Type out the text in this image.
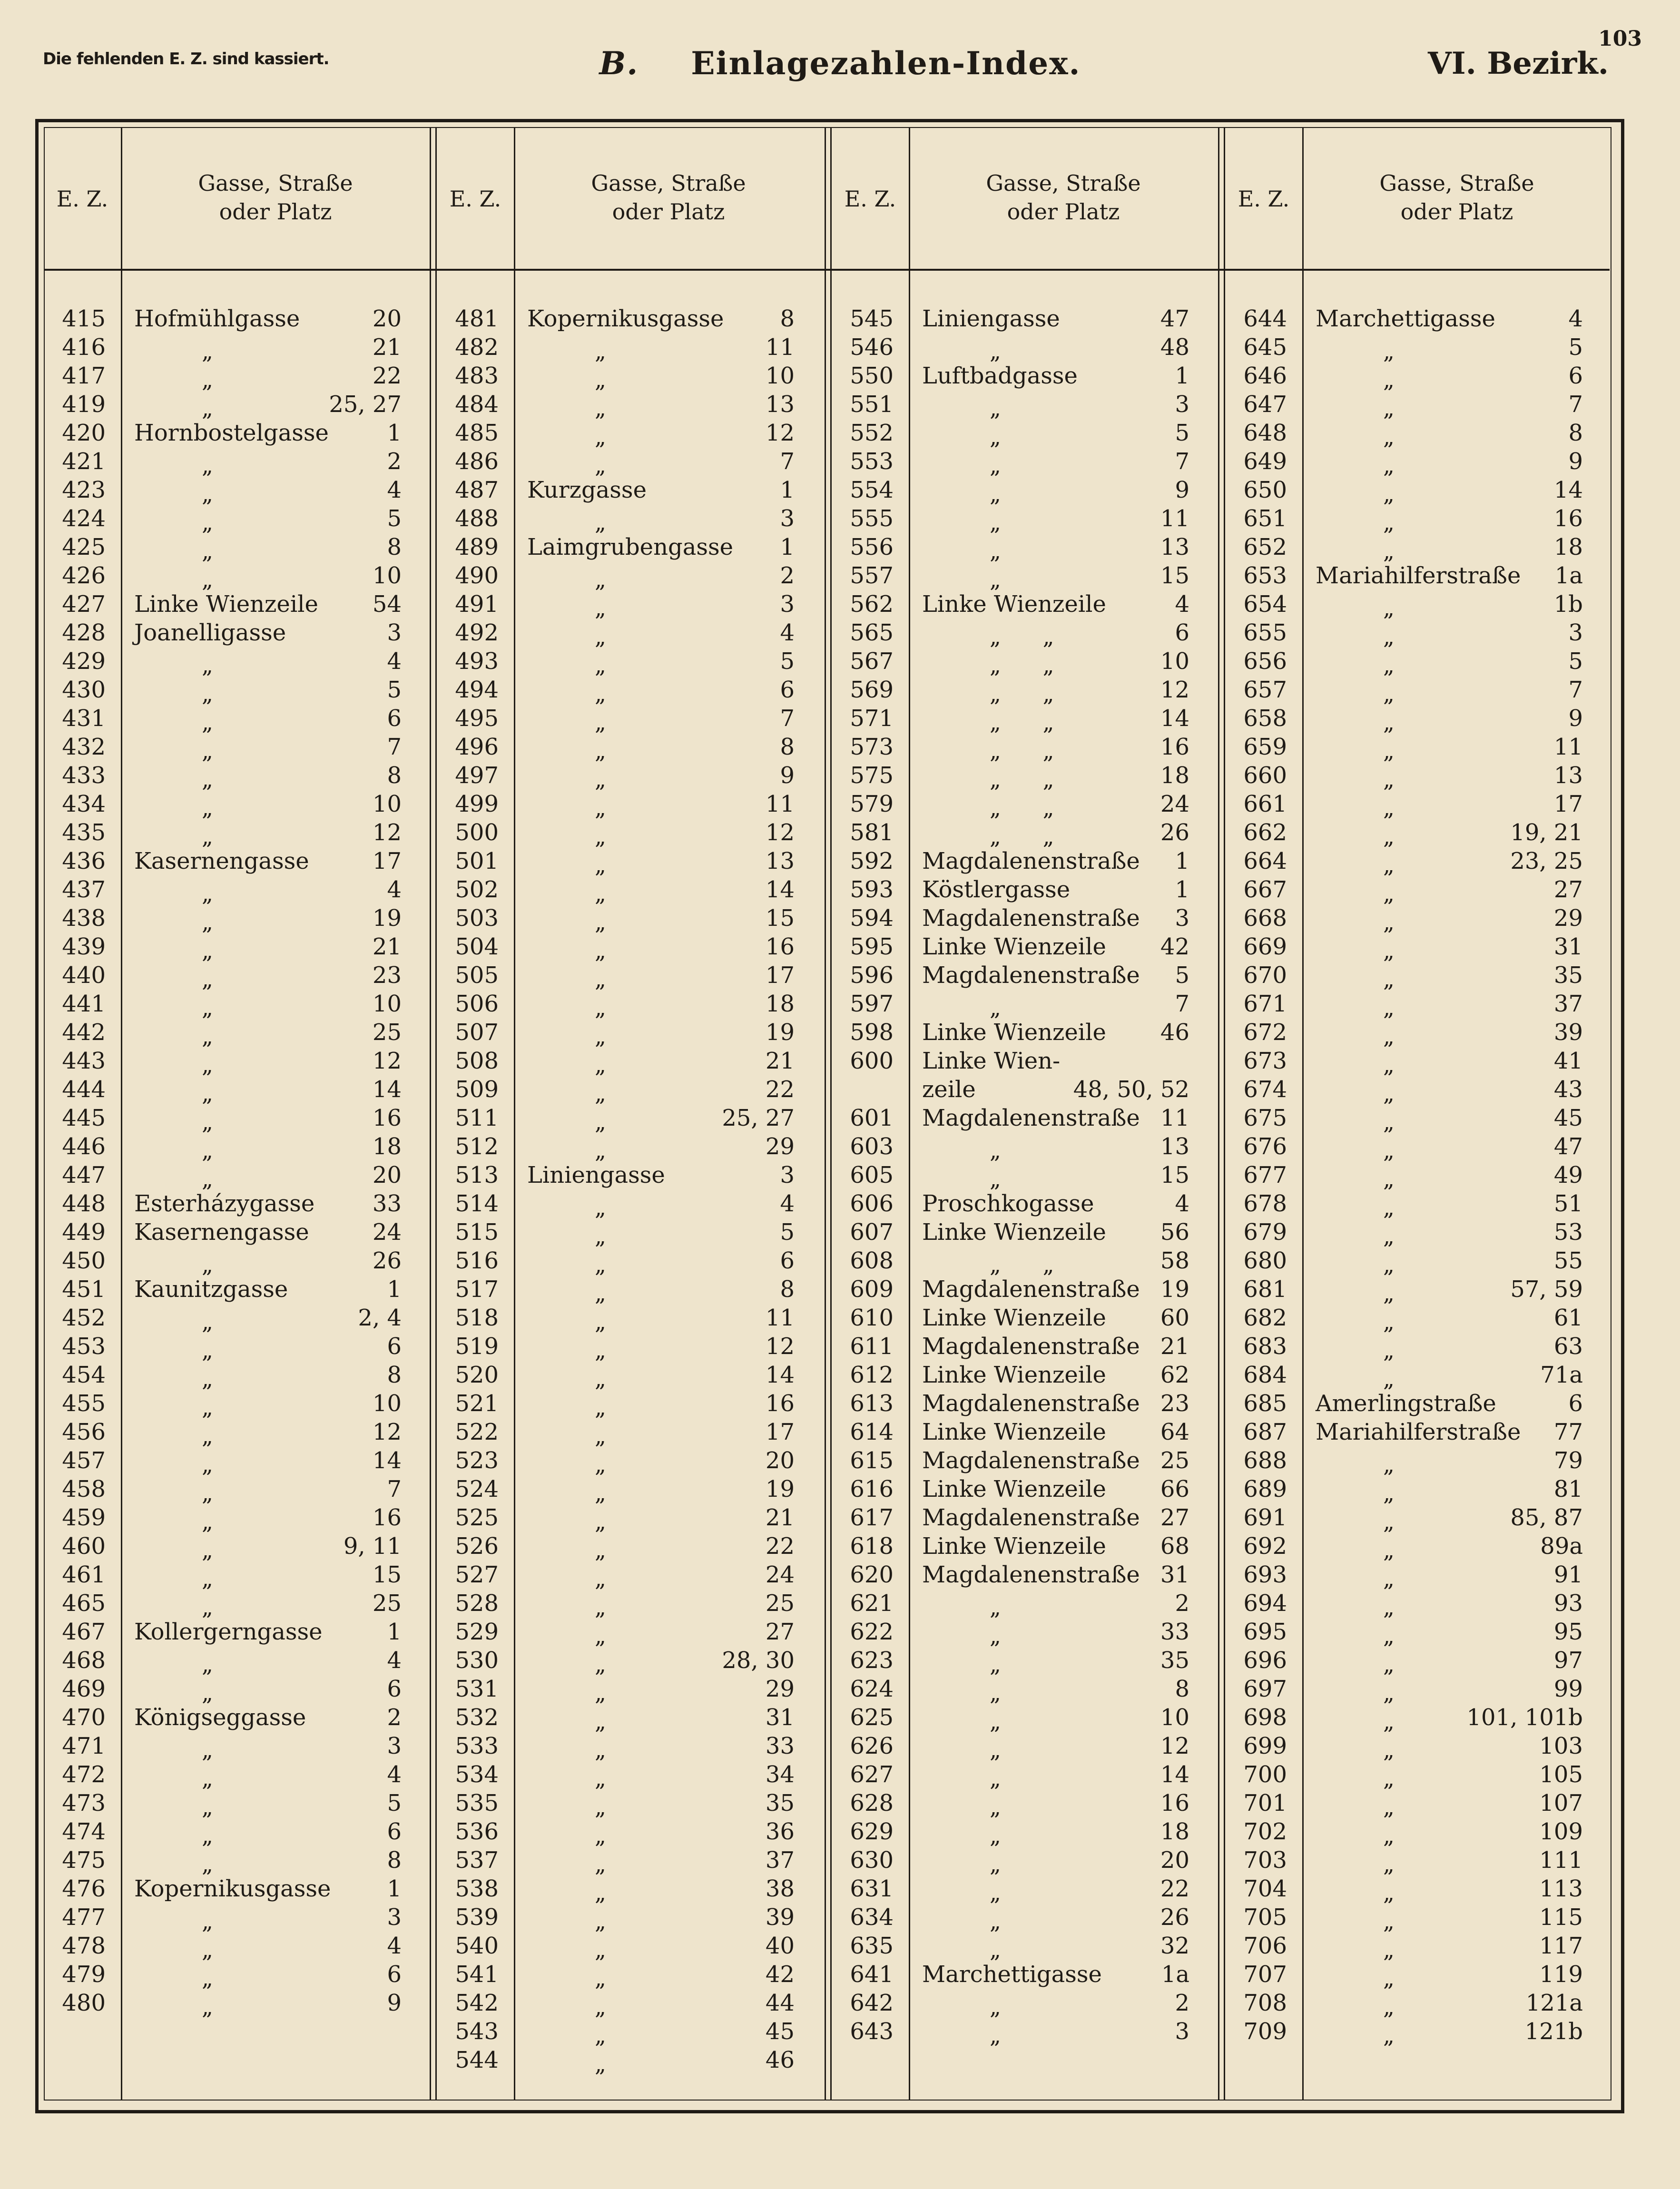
Die fehlenden E. Z. sind kassiert.
103
B. Einlagezahlen-Index.	VI. Bezirk.
E. Z.
Gasse, Straße
oder Platz
415 Hofmühlgasse	20
416	„	21
417	„	22
419	„	25, 27
420 Hornbostelgasse	1
421	„	2
423	„	4
424	„	5
425	„	8
426	„	10
427 Linke Wienzeile	54
428 Joanelligasse	3
429	„	4
430	„	5
431	„	6
432	„	7
433	„	8
434	„	10
435	„	12
436 Kasernengasse	17
437	„	4
438	„	19
439	„	21
440	„	23
441	„	10
442	„	25
443	„	12
444	„	14
445	„	16
446	„	18
447	„	20
448 Esterházygasse	33
449 Kasernengasse	24
450	„	26
451 Kaunitzgasse	1
452	„	2, 4
453	„	6
454	„	8
455	„	10
456	„	12
457	„	14
458	„	7
459	„	16
460	„	9, 11
461	„	15
465	„	25
467 Kollergerngasse	1
468	„	4
469	„	6
470 Königseggasse	2
471	„	3
472	„	4
473	„	5
474	„	6
475	„	8
476 Kopernikusgasse	1
477	„	3
478	„	4
479	„	6
480	„	9
E. Z.
Gasse, Straße
oder Platz
481 Kopernikusgasse	8
482	„	11
483	„	10
484	„	13
485	„	12
486	„	7
487 Kurzgasse	1
488	„	3
489 Laimgrubengasse	1
490	„	2
491	„	3
492	„	4
493	„	5
494	„	6
495	„	7
496	„	8
497	„	9
499	„	11
500	„	12
501	„	13
502	„	14
503	„	15
504	„	16
505	„	17
506	„	18
507	„	19
508	„	21
509	„	22
511	„	25, 27
512	„	29
513 Liniengasse	3
514	„	4
515	„	5
516	„	6
517	„	8
518	„	11
519	„	12
520	„	14
521	„	16
522	„	17
523	„	20
524	„	19
525	„	21
526	„	22
527	„	24
528	„	25
529	„	27
530	„	28, 30
531	„	29
532	„	31
533	„	33
534	„	34
535	„	35
536	„	36
537	„	37
538	„	38
539	„	39
540	„	40
541	„	42
542	„	44
543	„	45
544	„	46
E. Z.
Gasse, Straße
oder Platz
545 Liniengasse	47
546	„	48
550 Luftbadgasse	1
551	„	3
552	„	5
553	„	7
554	„	9
555	„	11
556	„	13
557	„	15
562 Linke Wienzeile	4
565	„      „	6
567	„      „	10
569	„      „	12
571	„      „	14
573	„      „	16
575	„      „	18
579	„      „	24
581	„      „	26
592 Magdalenenstraße	1
593 Köstlergasse	1
594 Magdalenenstraße	3
595 Linke Wienzeile	42
596 Magdalenenstraße	5
597	„	7
598 Linke Wienzeile	46
600 Linke Wien-
zeile	48, 50, 52
601 Magdalenenstraße 11
603	„	13
605	„	15
606 Proschkogasse	4
607 Linke Wienzeile	56
608	„      „	58
609 Magdalenenstraße 19
610 Linke Wienzeile	60
611 Magdalenenstraße 21
612 Linke Wienzeile	62
613 Magdalenenstraße 23
614 Linke Wienzeile	64
615 Magdalenenstraße 25
616 Linke Wienzeile	66
617 Magdalenenstraße 27
618 Linke Wienzeile	68
620 Magdalenenstraße 31
621	„	2
622	„	33
623	„	35
624	„	8
625	„	10
626	„	12
627	„	14
628	„	16
629	„	18
630	„	20
631	„	22
634	„	26
635	„	32
641 Marchettigasse	1a
642	„	2
643	„	3
E. Z.
Gasse, Straße
oder Platz
644 Marchettigasse	4
645	„	5
646	„	6
647	„	7
648	„	8
649	„	9
650	„	14
651	„	16
652	„	18
653 Mariahilferstraße	1a
654	„	1b
655	„	3
656	„	5
657	„	7
658	„	9
659	„	11
660	„	13
661	„	17
662	„	19, 21
664	„	23, 25
667	„	27
668	„	29
669	„	31
670	„	35
671	„	37
672	„	39
673	„	41
674	„	43
675	„	45
676	„	47
677	„	49
678	„	51
679	„	53
680	„	55
681	„	57, 59
682	„	61
683	„	63
684	„	71a
685 Amerlingstraße	6
687 Mariahilferstraße	77
688	„	79
689	„	81
691	„	85, 87
692	„	89a
693	„	91
694	„	93
695	„	95
696	„	97
697	„	99
698	„	101, 101b
699	„	103
700	„	105
701	„	107
702	„	109
703	„	111
704	„	113
705	„	115
706	„	117
707	„	119
708	„	121a
709	„	121b
